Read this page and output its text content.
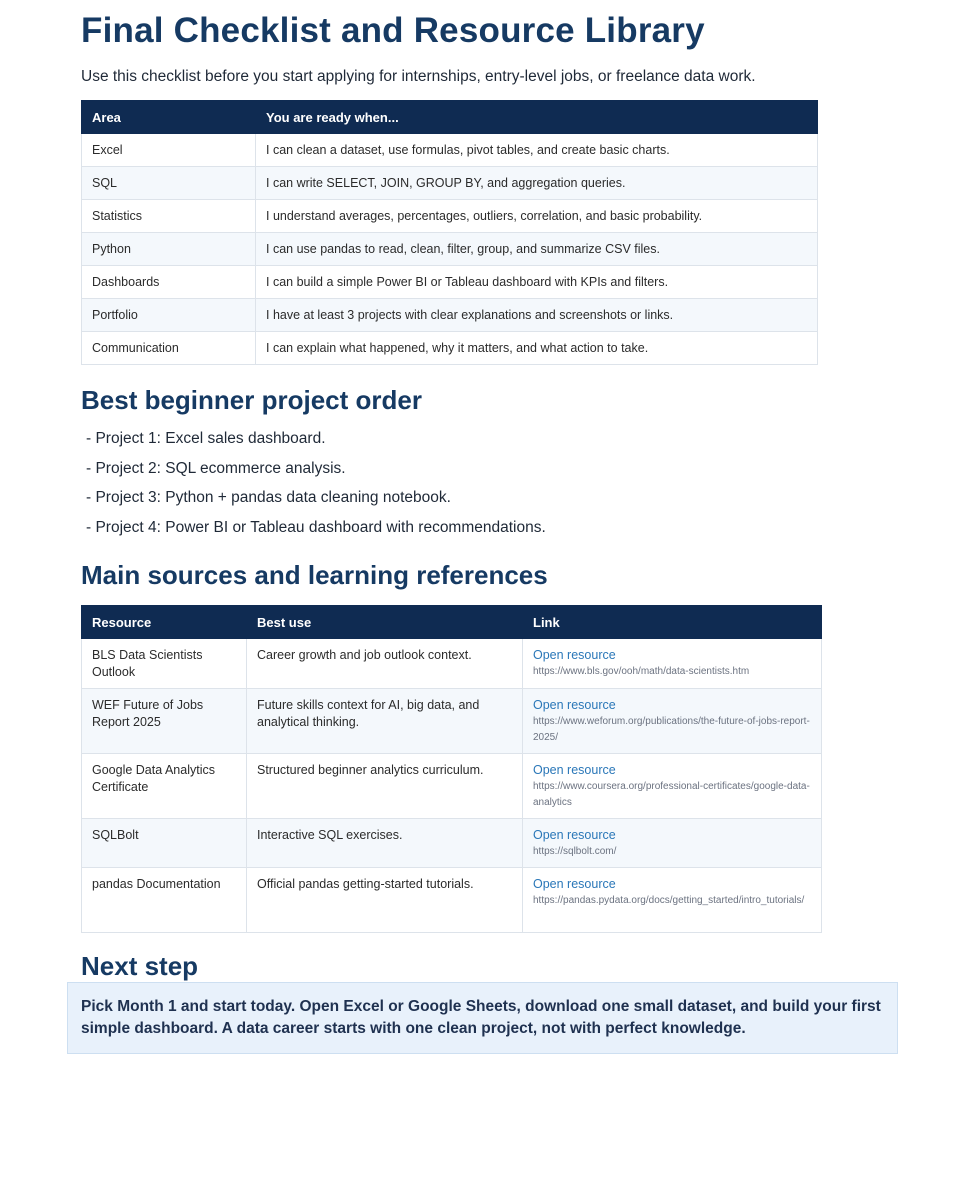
Final Checklist and Resource Library

Use this checklist before you start applying for internships, entry-level jobs, or freelance data work.

Area	You are ready when...
Excel	I can clean a dataset, use formulas, pivot tables, and create basic charts.
SQL	I can write SELECT, JOIN, GROUP BY, and aggregation queries.
Statistics	I understand averages, percentages, outliers, correlation, and basic probability.
Python	I can use pandas to read, clean, filter, group, and summarize CSV files.
Dashboards	I can build a simple Power BI or Tableau dashboard with KPIs and filters.
Portfolio	I have at least 3 projects with clear explanations and screenshots or links.
Communication	I can explain what happened, why it matters, and what action to take.
Best beginner project order
- Project 1: Excel sales dashboard.
- Project 2: SQL ecommerce analysis.
- Project 3: Python + pandas data cleaning notebook.
- Project 4: Power BI or Tableau dashboard with recommendations.
Main sources and learning references
Resource	Best use	Link
BLS Data Scientists Outlook	Career growth and job outlook context.	Open resource
https://www.bls.gov/ooh/math/data-scientists.htm

WEF Future of Jobs Report 2025	Future skills context for AI, big data, and analytical thinking.	Open resource
https://www.weforum.org/publications/the-future-of-jobs-report-2025/

Google Data Analytics Certificate	Structured beginner analytics curriculum.	Open resource
https://www.coursera.org/professional-certificates/google-data-analytics

SQLBolt	Interactive SQL exercises.	Open resource
https://sqlbolt.com/

pandas Documentation	Official pandas getting-started tutorials.	Open resource
https://pandas.pydata.org/docs/getting_started/intro_tutorials/
Next step

Pick Month 1 and start today. Open Excel or Google Sheets, download one small dataset, and build your first simple dashboard. A data career starts with one clean project, not with perfect knowledge.
